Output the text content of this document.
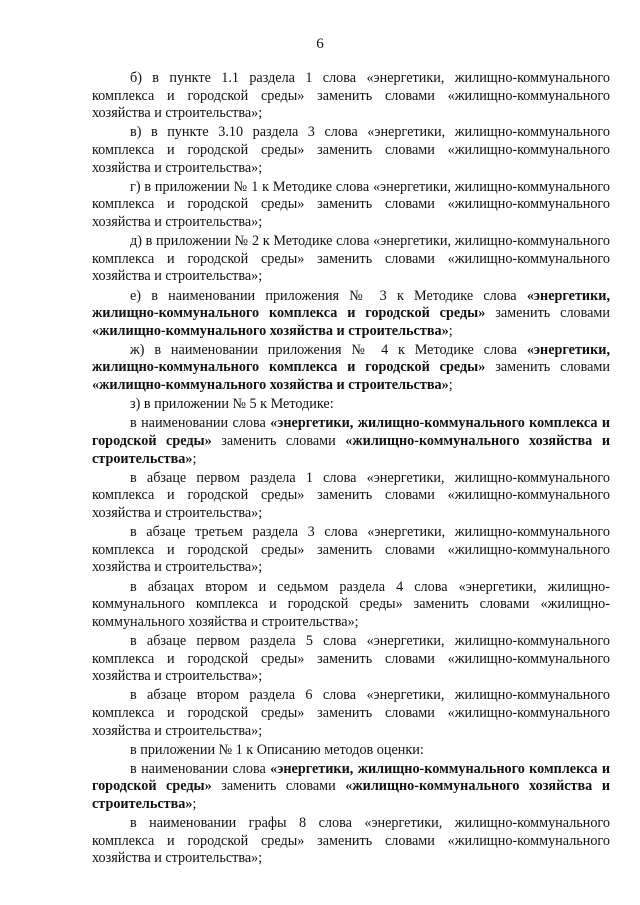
6

б) в пункте 1.1 раздела 1 слова «энергетики, жилищно-коммунального комплекса и городской среды» заменить словами «жилищно-коммунального хозяйства и строительства»;

в) в пункте 3.10 раздела 3 слова «энергетики, жилищно-коммунального комплекса и городской среды» заменить словами «жилищно-коммунального хозяйства и строительства»;

г) в приложении № 1 к Методике слова «энергетики, жилищно-коммунального комплекса и городской среды» заменить словами «жилищно-коммунального хозяйства и строительства»;

д) в приложении № 2 к Методике слова «энергетики, жилищно-коммунального комплекса и городской среды» заменить словами «жилищно-коммунального хозяйства и строительства»;

е) в наименовании приложения № 3 к Методике слова «энергетики, жилищно-коммунального комплекса и городской среды» заменить словами «жилищно-коммунального хозяйства и строительства»;

ж) в наименовании приложения № 4 к Методике слова «энергетики, жилищно-коммунального комплекса и городской среды» заменить словами «жилищно-коммунального хозяйства и строительства»;

з) в приложении № 5 к Методике:

в наименовании слова «энергетики, жилищно-коммунального комплекса и городской среды» заменить словами «жилищно-коммунального хозяйства и строительства»;

в абзаце первом раздела 1 слова «энергетики, жилищно-коммунального комплекса и городской среды» заменить словами «жилищно-коммунального хозяйства и строительства»;

в абзаце третьем раздела 3 слова «энергетики, жилищно-коммунального комплекса и городской среды» заменить словами «жилищно-коммунального хозяйства и строительства»;

в абзацах втором и седьмом раздела 4 слова «энергетики, жилищно-коммунального комплекса и городской среды» заменить словами «жилищно-коммунального хозяйства и строительства»;

в абзаце первом раздела 5 слова «энергетики, жилищно-коммунального комплекса и городской среды» заменить словами «жилищно-коммунального хозяйства и строительства»;

в абзаце втором раздела 6 слова «энергетики, жилищно-коммунального комплекса и городской среды» заменить словами «жилищно-коммунального хозяйства и строительства»;

в приложении № 1 к Описанию методов оценки:

в наименовании слова «энергетики, жилищно-коммунального комплекса и городской среды» заменить словами «жилищно-коммунального хозяйства и строительства»;

в наименовании графы 8 слова «энергетики, жилищно-коммунального комплекса и городской среды» заменить словами «жилищно-коммунального хозяйства и строительства»;
